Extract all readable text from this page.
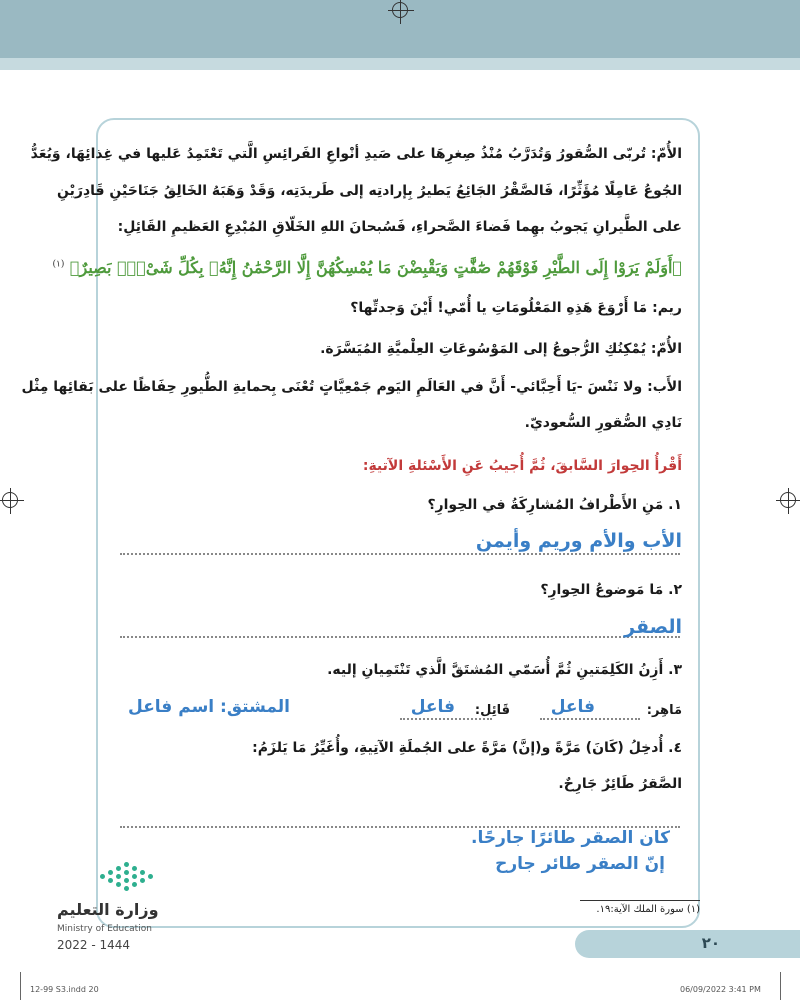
الأُمّ: تُربّى الصُّقورُ وَتُدَرَّبُ مُنْذُ صِغرِهَا على صَيدِ أنْواعِ الفَرائِسِ الَّتي تَعْتَمِدُ عَليها في غِذائِهَا، وَيُعَدُّ
الجُوعُ عَامِلًا مُؤَثِّرًا، فَالصَّقْرُ الجَائِعُ يَطيرُ بِإرادتِه إلى طَريدَتِه، وَقَدْ وَهَبَهُ الخَالِقُ جَنَاحَيْنِ قَادِرَيْنِ
على الطَّيرانِ يَجوبُ بهِما فَضاءَ الصَّحراءِ، فَسُبحانَ اللهِ الخَلّاقِ المُبْدِعِ العَظيمِ القَائِلِ:
﴿أَوَلَمْ يَرَوْا إِلَى الطَّيْرِ فَوْقَهُمْ صَٰٓفَّٰتٍ وَيَقْبِضْنَ مَا يُمْسِكُهُنَّ إِلَّا الرَّحْمَٰنُ إِنَّهُۥ بِكُلِّ شَىْءٍۭ بَصِيرٌ﴾ $^{(١)}$
ريم: مَا أَرْوَعَ هَذِهِ المَعْلُومَاتِ يا أُمّي! أَيْنَ وَجدتِّها؟
الأُمّ: يُمْكِنُكِ الرُّجوعُ إلى المَوْسُوعَاتِ العِلْميَّةِ المُيَسَّرَة.
الأَب: ولا نَنْسَ -يَا أَحِبَّائي- أَنَّ في العَالَمِ اليَوم جَمْعِيَّاتٍ تُعْنَى بِحمايةِ الطُّيورِ حِفَاظًا على بَقائِها مِثْل
نَادِي الصُّقورِ السُّعوديّ.
أَقْرأُ الحِوارَ السَّابقَ، ثُمَّ أُجيبُ عَنِ الأَسْئلةِ الآتيةِ:
١. مَنِ الأَطْرافُ المُشارِكَةُ في الحِوارِ؟
الأب والأم وريم وأيمن
٢. مَا مَوضوعُ الحِوارِ؟
الصقر
٣. أَزِنُ الكَلِمَتينِ ثُمَّ أُسَمّي المُشتَقَّ الَّذي تَنْتَمِيانِ إليه.
مَاهِر:
فاعل
قَائِل:
فاعل
المشتق: اسم فاعل
٤. أُدخِلُ (كَانَ) مَرَّةً و(إنَّ) مَرَّةً على الجُملَةِ الآتِيةِ، وأُغَيِّرُ مَا يَلزَمُ:
الصَّقرُ طَائِرٌ جَارِحٌ.
كان الصقر طائرًا جارحًا.
إنّ الصقر طائر جارح
(١) سورة الملك الآية:١٩.
٢٠
وزارة التعليم
Ministry of Education
2022 - 1444
12-99 S3.indd 20	06/09/2022 3:41 PM
